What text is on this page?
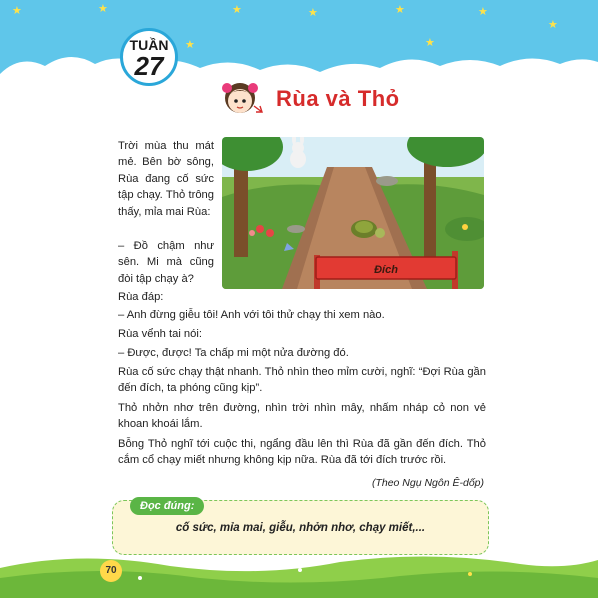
★	★	★	★	★	★
★
★	★
TUẦN
27
Rùa và Thỏ
Đích
Trời mùa thu mát mẻ. Bên bờ sông, Rùa đang cố sức tập chạy. Thỏ trông thấy, mỉa mai Rùa:
– Đồ chậm như sên. Mi mà cũng đòi tập chạy à?
Rùa đáp:
– Anh đừng giễu tôi! Anh với tôi thử chạy thi xem nào.
Rùa vểnh tai nói:
– Được, được! Ta chấp mi một nửa đường đó.
Rùa cố sức chạy thật nhanh. Thỏ nhìn theo mỉm cười, nghĩ: “Đợi Rùa gần đến đích, ta phóng cũng kịp”.
Thỏ nhởn nhơ trên đường, nhìn trời nhìn mây, nhấm nháp cỏ non vẻ khoan khoái lắm.
Bỗng Thỏ nghĩ tới cuộc thi, ngẩng đầu lên thì Rùa đã gần đến đích. Thỏ cắm cổ chạy miết nhưng không kịp nữa. Rùa đã tới đích trước rồi.
(Theo Ngụ Ngôn Ê-dốp)
Đọc đúng:
cố sức, mỉa mai, giễu, nhởn nhơ, chạy miết,...
70
